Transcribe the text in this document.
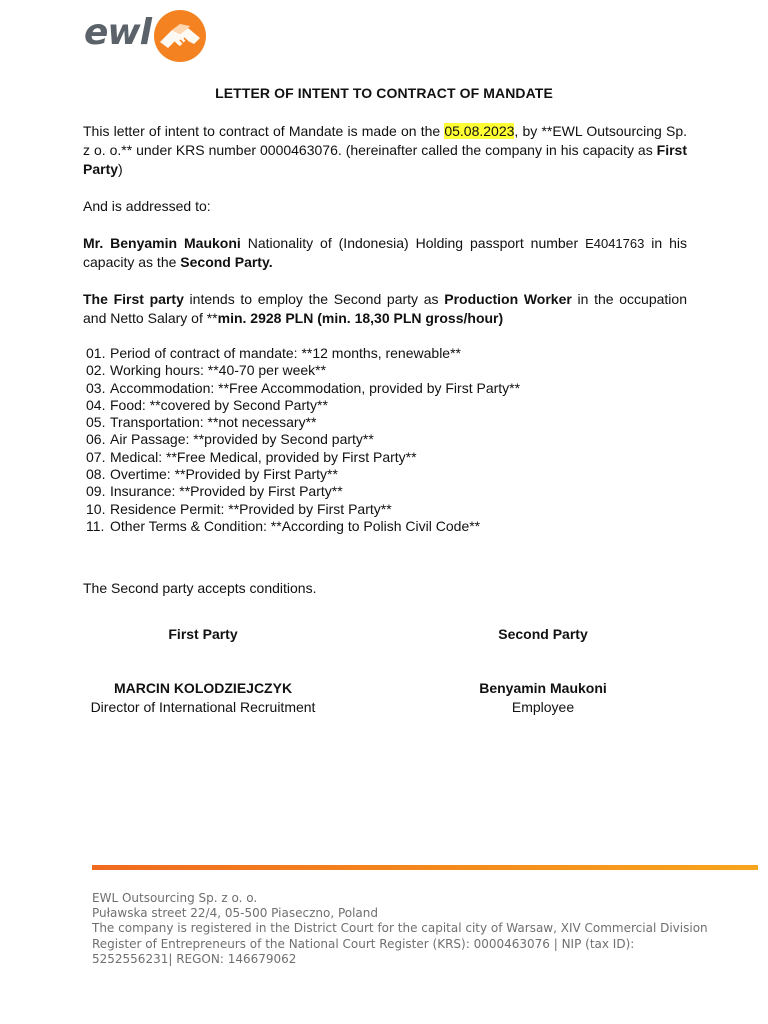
ewl
LETTER OF INTENT TO CONTRACT OF MANDATE
This letter of intent to contract of Mandate is made on the 05.08.2023, by **EWL Outsourcing Sp. z o. o.** under KRS number 0000463076. (hereinafter called the company in his capacity as First Party)
And is addressed to:
Mr. Benyamin Maukoni Nationality of (Indonesia) Holding passport number E4041763 in his capacity as the Second Party.
The First party intends to employ the Second party as Production Worker in the occupation and Netto Salary of **min. 2928 PLN (min. 18,30 PLN gross/hour)
01. Period of contract of mandate: **12 months, renewable**
02. Working hours: **40-70 per week**
03. Accommodation: **Free Accommodation, provided by First Party**
04. Food: **covered by Second Party**
05. Transportation: **not necessary**
06. Air Passage: **provided by Second party**
07. Medical: **Free Medical, provided by First Party**
08. Overtime: **Provided by First Party**
09. Insurance: **Provided by First Party**
10. Residence Permit: **Provided by First Party**
11. Other Terms & Condition: **According to Polish Civil Code**
The Second party accepts conditions.
First Party	Second Party
MARCIN KOLODZIEJCZYK	Benyamin Maukoni
Director of International Recruitment	Employee
EWL Outsourcing Sp. z o. o.
Puławska street 22/4, 05-500 Piaseczno, Poland
The company is registered in the District Court for the capital city of Warsaw, XIV Commercial Division
Register of Entrepreneurs of the National Court Register (KRS): 0000463076 | NIP (tax ID):
5252556231| REGON: 146679062
